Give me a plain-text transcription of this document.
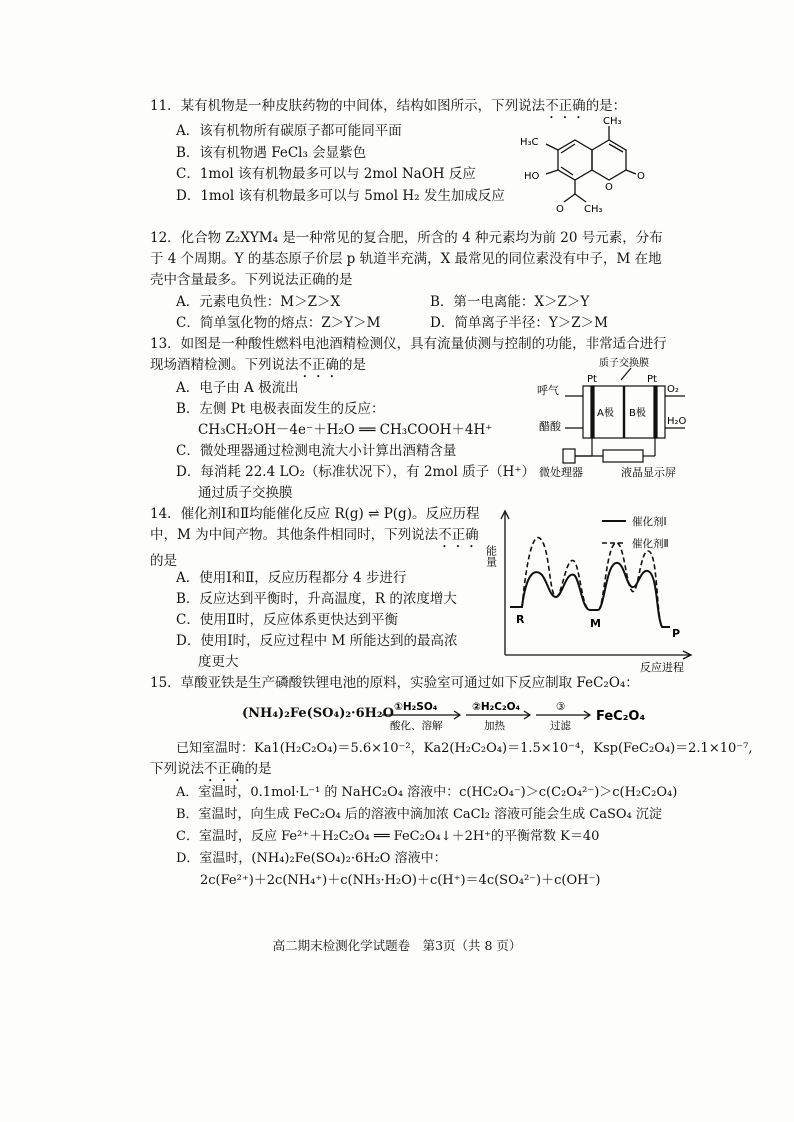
11．某有机物是一种皮肤药物的中间体，结构如图所示，下列说法不正确的是：
A．该有机物所有碳原子都可能同平面
B．该有机物遇 FeCl₃ 会显紫色
C．1mol 该有机物最多可以与 2mol NaOH 反应
D．1mol 该有机物最多可以与 5mol H₂ 发生加成反应
CH₃
H₃C
HO
O
O
O CH₃
12．化合物 Z₂XYM₄ 是一种常见的复合肥，所含的 4 种元素均为前 20 号元素，分布于 4 个周期。Y 的基态原子价层 p 轨道半充满，X 最常见的同位素没有中子，M 在地壳中含量最多。下列说法正确的是
A．元素电负性：M＞Z＞X	B．第一电离能：X＞Z＞Y
C．简单氢化物的熔点：Z＞Y＞M	D．简单离子半径：Y＞Z＞M
13．如图是一种酸性燃料电池酒精检测仪，具有流量侦测与控制的功能，非常适合进行现场酒精检测。下列说法不正确的是
A．电子由 A 极流出
B．左侧 Pt 电极表面发生的反应：
CH₃CH₂OH－4e⁻＋H₂O ══ CH₃COOH＋4H⁺
C．微处理器通过检测电流大小计算出酒精含量
D．每消耗 22.4 LO₂（标准状况下），有 2mol 质子（H⁺）
通过质子交换膜
质子交换膜
Pt	Pt
呼气	O₂
醋酸
A极 B极
H₂O
微处理器	液晶显示屏
14．催化剂Ⅰ和Ⅱ均能催化反应 R(g) ⇌ P(g)。反应历程中，M 为中间产物。其他条件相同时，下列说法不正确的是
A．使用Ⅰ和Ⅱ，反应历程都分 4 步进行
B．反应达到平衡时，升高温度，R 的浓度增大
C．使用Ⅱ时，反应体系更快达到平衡
D．使用Ⅰ时，反应过程中 M 所能达到的最高浓
度更大
催化剂Ⅰ
催化剂Ⅱ
能量
反应进程
R	M
P
15．草酸亚铁是生产磷酸铁锂电池的原料，实验室可通过如下反应制取 FeC₂O₄：
(NH₄)₂Fe(SO₄)₂·6H₂O ①H₂SO₄
酸化、溶解
②H₂C₂O₄
加热
③
过滤
FeC₂O₄
已知室温时：Ka1(H₂C₂O₄)＝5.6×10⁻²，Ka2(H₂C₂O₄)＝1.5×10⁻⁴，Ksp(FeC₂O₄)＝2.1×10⁻⁷,
下列说法不正确的是
A．室温时，0.1mol·L⁻¹ 的 NaHC₂O₄ 溶液中：c(HC₂O₄⁻)＞c(C₂O₄²⁻)＞c(H₂C₂O₄)
B．室温时，向生成 FeC₂O₄ 后的溶液中滴加浓 CaCl₂ 溶液可能会生成 CaSO₄ 沉淀
C．室温时，反应 Fe²⁺＋H₂C₂O₄ ══ FeC₂O₄↓＋2H⁺的平衡常数 K＝40
D．室温时，(NH₄)₂Fe(SO₄)₂·6H₂O 溶液中：
2c(Fe²⁺)＋2c(NH₄⁺)＋c(NH₃·H₂O)＋c(H⁺)＝4c(SO₄²⁻)＋c(OH⁻)
高二期末检测化学试题卷　第3页（共 8 页）
